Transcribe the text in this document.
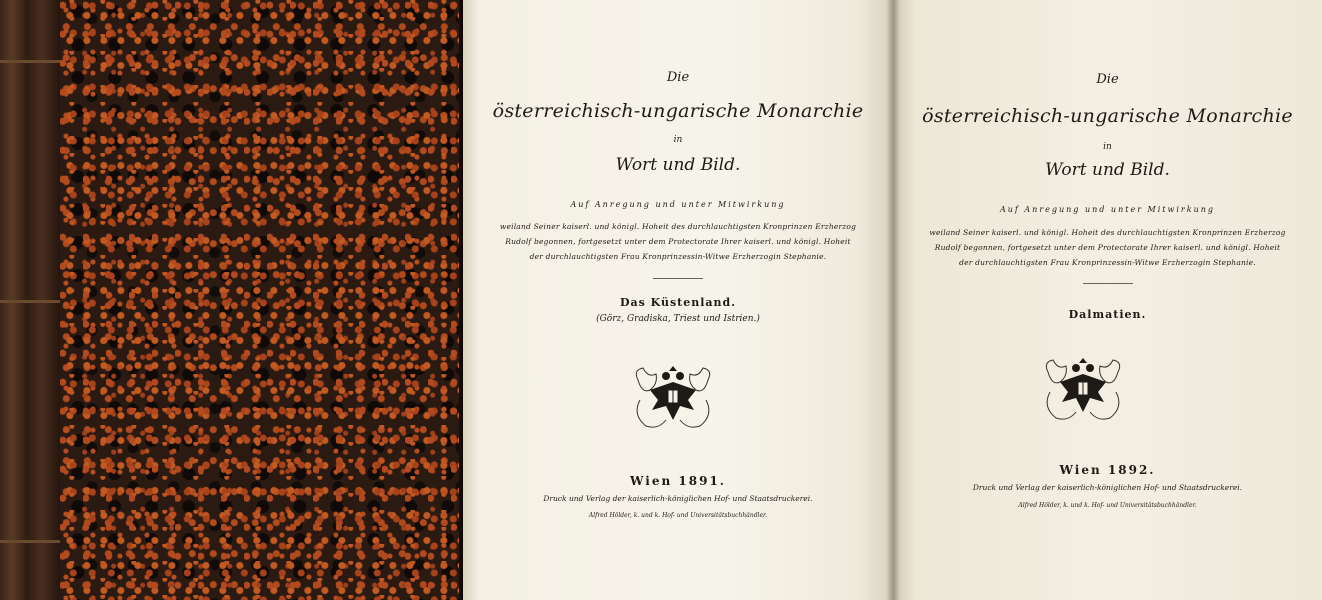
Die
österreichisch-ungarische Monarchie
in
Wort und Bild.
Auf Anregung und unter Mitwirkung
weiland Seiner kaiserl. und königl. Hoheit des durchlauchtigsten Kronprinzen Erzherzog
Rudolf begonnen, fortgesetzt unter dem Protectorate Ihrer kaiserl. und königl. Hoheit
der durchlauchtigsten Frau Kronprinzessin-Witwe Erzherzogin Stephanie.
Das Küstenland.
(Görz, Gradiska, Triest und Istrien.)
Wien 1891.
Druck und Verlag der kaiserlich-königlichen Hof- und Staatsdruckerei.
Alfred Hölder, k. und k. Hof- und Universitätsbuchhändler.
Die
österreichisch-ungarische Monarchie
in
Wort und Bild.
Auf Anregung und unter Mitwirkung
weiland Seiner kaiserl. und königl. Hoheit des durchlauchtigsten Kronprinzen Erzherzog
Rudolf begonnen, fortgesetzt unter dem Protectorate Ihrer kaiserl. und königl. Hoheit
der durchlauchtigsten Frau Kronprinzessin-Witwe Erzherzogin Stephanie.
Dalmatien.
Wien 1892.
Druck und Verlag der kaiserlich-königlichen Hof- und Staatsdruckerei.
Alfred Hölder, k. und k. Hof- und Universitätsbuchhändler.
